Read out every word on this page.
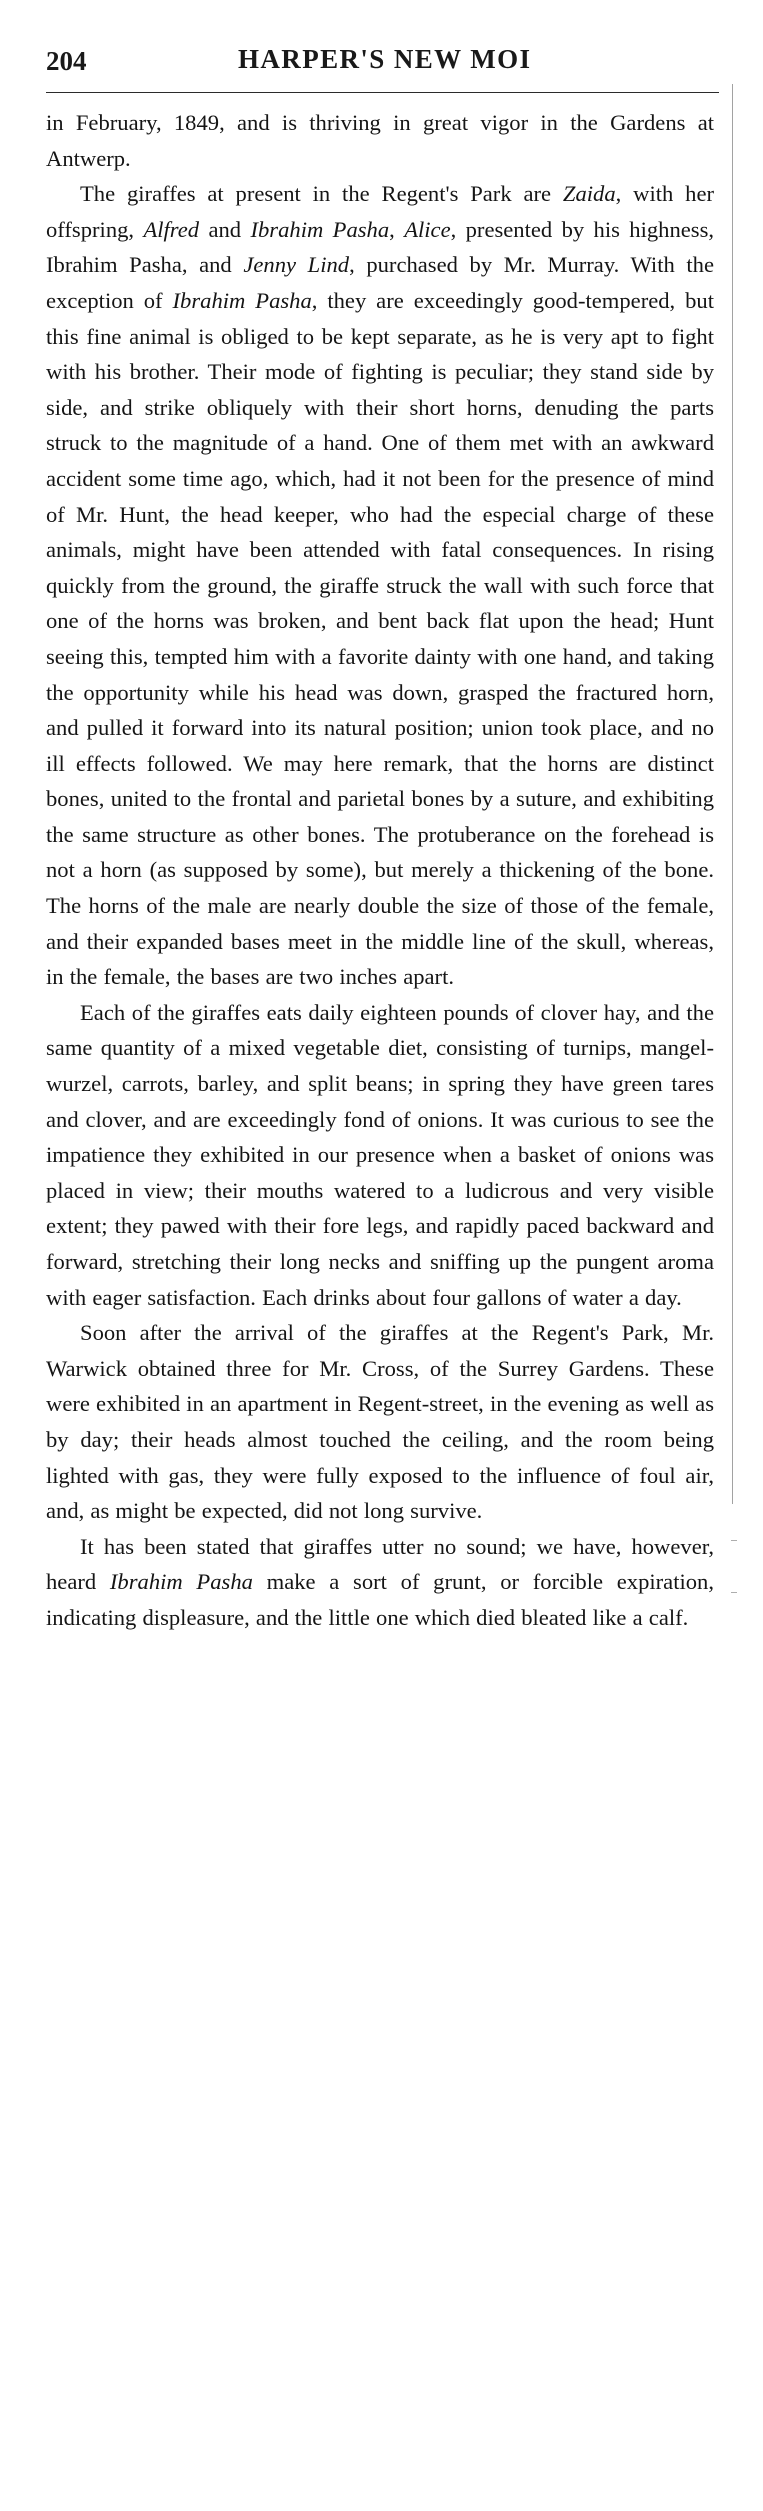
204	HARPER'S NEW MOI

in February, 1849, and is thriving in great vigor in the Gardens at Antwerp.

The giraffes at present in the Regent's Park are Zaida, with her offspring, Alfred and Ibrahim Pasha, Alice, presented by his highness, Ibrahim Pasha, and Jenny Lind, purchased by Mr. Murray. With the exception of Ibrahim Pasha, they are exceedingly good-tempered, but this fine animal is obliged to be kept separate, as he is very apt to fight with his brother. Their mode of fighting is peculiar; they stand side by side, and strike obliquely with their short horns, denuding the parts struck to the magnitude of a hand. One of them met with an awkward accident some time ago, which, had it not been for the presence of mind of Mr. Hunt, the head keeper, who had the especial charge of these animals, might have been attended with fatal consequences. In rising quickly from the ground, the giraffe struck the wall with such force that one of the horns was broken, and bent back flat upon the head; Hunt seeing this, tempted him with a favorite dainty with one hand, and taking the opportunity while his head was down, grasped the fractured horn, and pulled it forward into its natural position; union took place, and no ill effects followed. We may here remark, that the horns are distinct bones, united to the frontal and parietal bones by a suture, and exhibiting the same structure as other bones. The protuberance on the forehead is not a horn (as supposed by some), but merely a thickening of the bone. The horns of the male are nearly double the size of those of the female, and their expanded bases meet in the middle line of the skull, whereas, in the female, the bases are two inches apart.

Each of the giraffes eats daily eighteen pounds of clover hay, and the same quantity of a mixed vegetable diet, consisting of turnips, mangel-wurzel, carrots, barley, and split beans; in spring they have green tares and clover, and are exceedingly fond of onions. It was curious to see the impatience they exhibited in our presence when a basket of onions was placed in view; their mouths watered to a ludicrous and very visible extent; they pawed with their fore legs, and rapidly paced backward and forward, stretching their long necks and sniffing up the pungent aroma with eager satisfaction. Each drinks about four gallons of water a day.

Soon after the arrival of the giraffes at the Regent's Park, Mr. Warwick obtained three for Mr. Cross, of the Surrey Gardens. These were exhibited in an apartment in Regent-street, in the evening as well as by day; their heads almost touched the ceiling, and the room being lighted with gas, they were fully exposed to the influence of foul air, and, as might be expected, did not long survive.

It has been stated that giraffes utter no sound; we have, however, heard Ibrahim Pasha make a sort of grunt, or forcible expiration, indicating displeasure, and the little one which died bleated like a calf.
